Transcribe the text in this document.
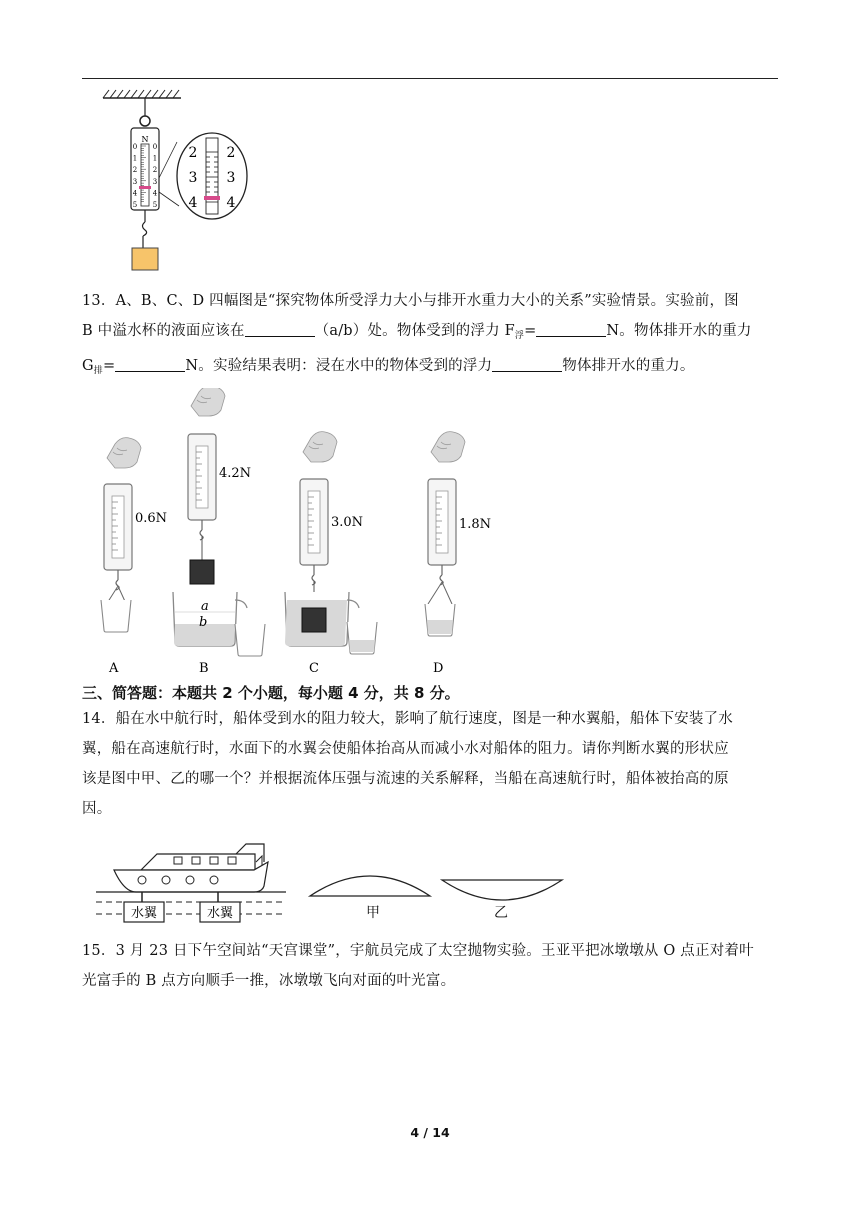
N
0 0
1 1
2 2
3 3
4 4
5 5
2 2
3 3
4 4
13．A、B、C、D 四幅图是“探究物体所受浮力大小与排开水重力大小的关系”实验情景。实验前，图
B 中溢水杯的液面应该在	（a/b）处。物体受到的浮力 $F_浮=$	N。物体排开水的重力
$G_排=$	N。实验结果表明：浸在水中的物体受到的浮力	物体排开水的重力。
0.6N
4.2N
a
b
3.0N	1.8N
A	B	C	D
三、简答题：本题共 2 个小题，每小题 4 分，共 8 分。
14．船在水中航行时，船体受到水的阻力较大，影响了航行速度，图是一种水翼船，船体下安装了水
翼，船在高速航行时，水面下的水翼会使船体抬高从而减小水对船体的阻力。请你判断水翼的形状应
该是图中甲、乙的哪一个？并根据流体压强与流速的关系解释，当船在高速航行时，船体被抬高的原
因。
水翼	水翼	甲	乙
15．3 月 23 日下午空间站“天宫课堂”，宇航员完成了太空抛物实验。王亚平把冰墩墩从 O 点正对着叶
光富手的 B 点方向顺手一推，冰墩墩飞向对面的叶光富。
4 / 14
